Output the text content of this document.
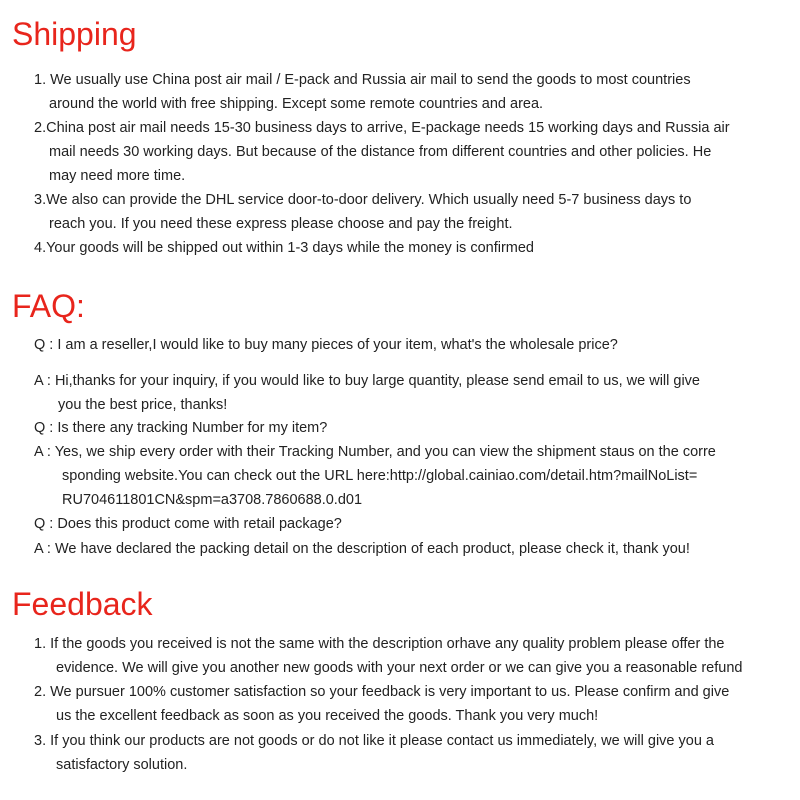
Shipping

1. We usually use China post air mail / E-pack and Russia air mail to send the goods to most countries

around the world with free shipping. Except some remote countries and area.

2.China post air mail needs 15-30 business days to arrive, E-package needs 15 working days and Russia air

mail needs 30 working days. But because of the distance from different countries and other policies. He

may need more time.

3.We also can provide the DHL service door-to-door delivery. Which usually need 5-7 business days to

reach you. If you need these express please choose and pay the freight.

4.Your goods will be shipped out within 1-3 days while the money is confirmed

FAQ:

Q : I am a reseller,I would like to buy many pieces of your item, what's the wholesale price?

A : Hi,thanks for your inquiry, if you would like to buy large quantity, please send email to us, we will give

you the best price, thanks!

Q : Is there any tracking Number for my item?

A : Yes, we ship every order with their Tracking Number, and you can view the shipment staus on the corre

sponding website.You can check out the URL here:http://global.cainiao.com/detail.htm?mailNoList=

RU704611801CN&spm=a3708.7860688.0.d01

Q : Does this product come with retail package?

A : We have declared the packing detail on the description of each product, please check it, thank you!

Feedback

1. If the goods you received is not the same with the description orhave any quality problem please offer the

evidence. We will give you another new goods with your next order or we can give you a reasonable refund

2. We pursuer 100% customer satisfaction so your feedback is very important to us. Please confirm and give

us the excellent feedback as soon as you received the goods. Thank you very much!

3. If you think our products are not goods or do not like it please contact us immediately, we will give you a

satisfactory solution.
